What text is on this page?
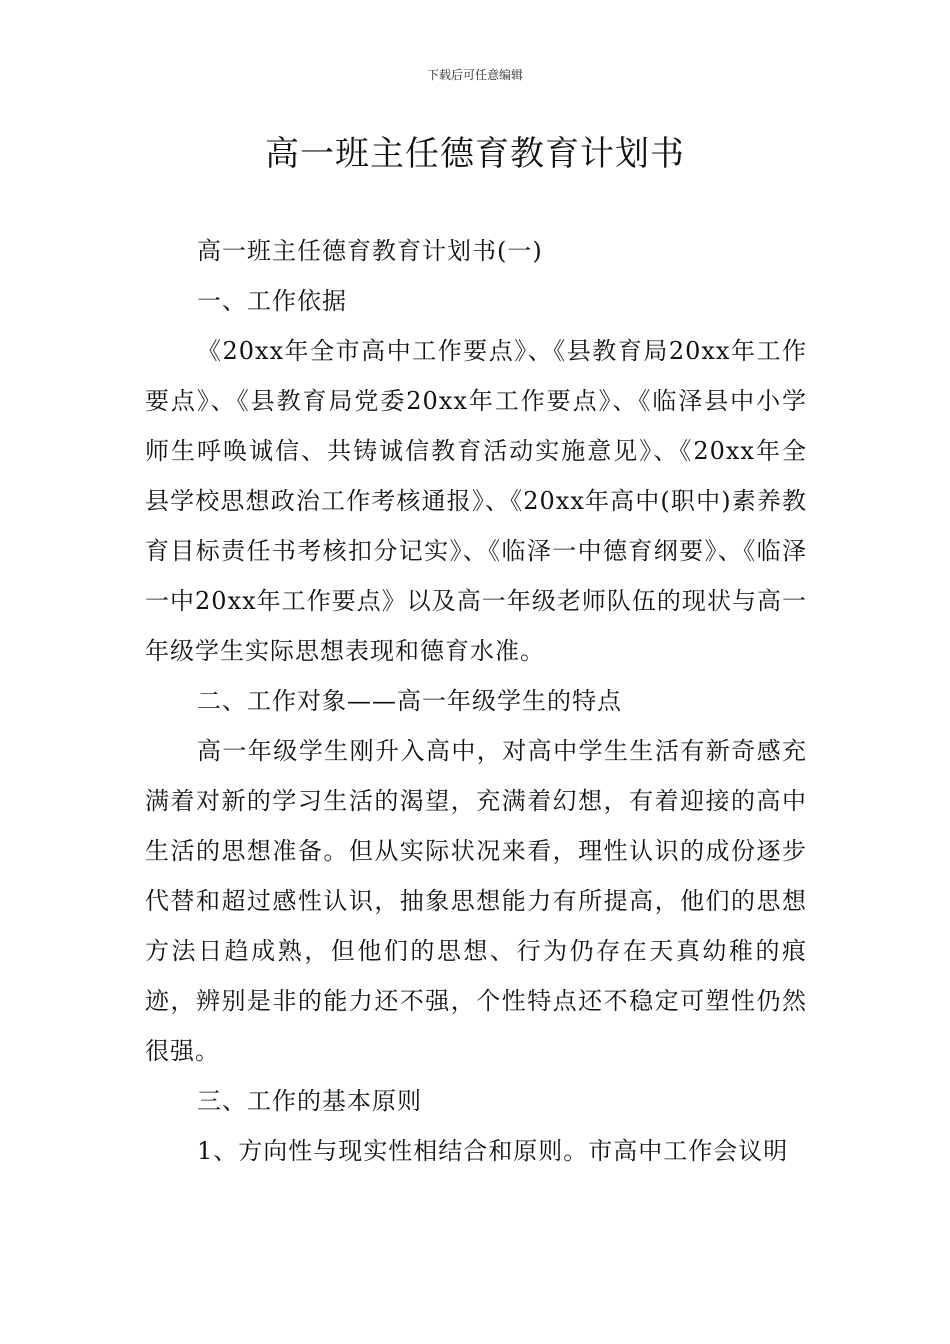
下载后可任意编辑
高一班主任德育教育计划书

高一班主任德育教育计划书(一)

一、工作依据

《20xx年全市高中工作要点》、《县教育局20xx年工作要点》、《县教育局党委20xx年工作要点》、《临泽县中小学师生呼唤诚信、共铸诚信教育活动实施意见》、《20xx年全县学校思想政治工作考核通报》、《20xx年高中(职中)素养教育目标责任书考核扣分记实》、《临泽一中德育纲要》、《临泽一中20xx年工作要点》以及高一年级老师队伍的现状与高一年级学生实际思想表现和德育水准。

二、工作对象——高一年级学生的特点

高一年级学生刚升入高中，对高中学生生活有新奇感充满着对新的学习生活的渴望，充满着幻想，有着迎接的高中生活的思想准备。但从实际状况来看，理性认识的成份逐步代替和超过感性认识，抽象思想能力有所提高，他们的思想方法日趋成熟，但他们的思想、行为仍存在天真幼稚的痕迹，辨别是非的能力还不强，个性特点还不稳定可塑性仍然很强。

三、工作的基本原则

1、方向性与现实性相结合和原则。市高中工作会议明
